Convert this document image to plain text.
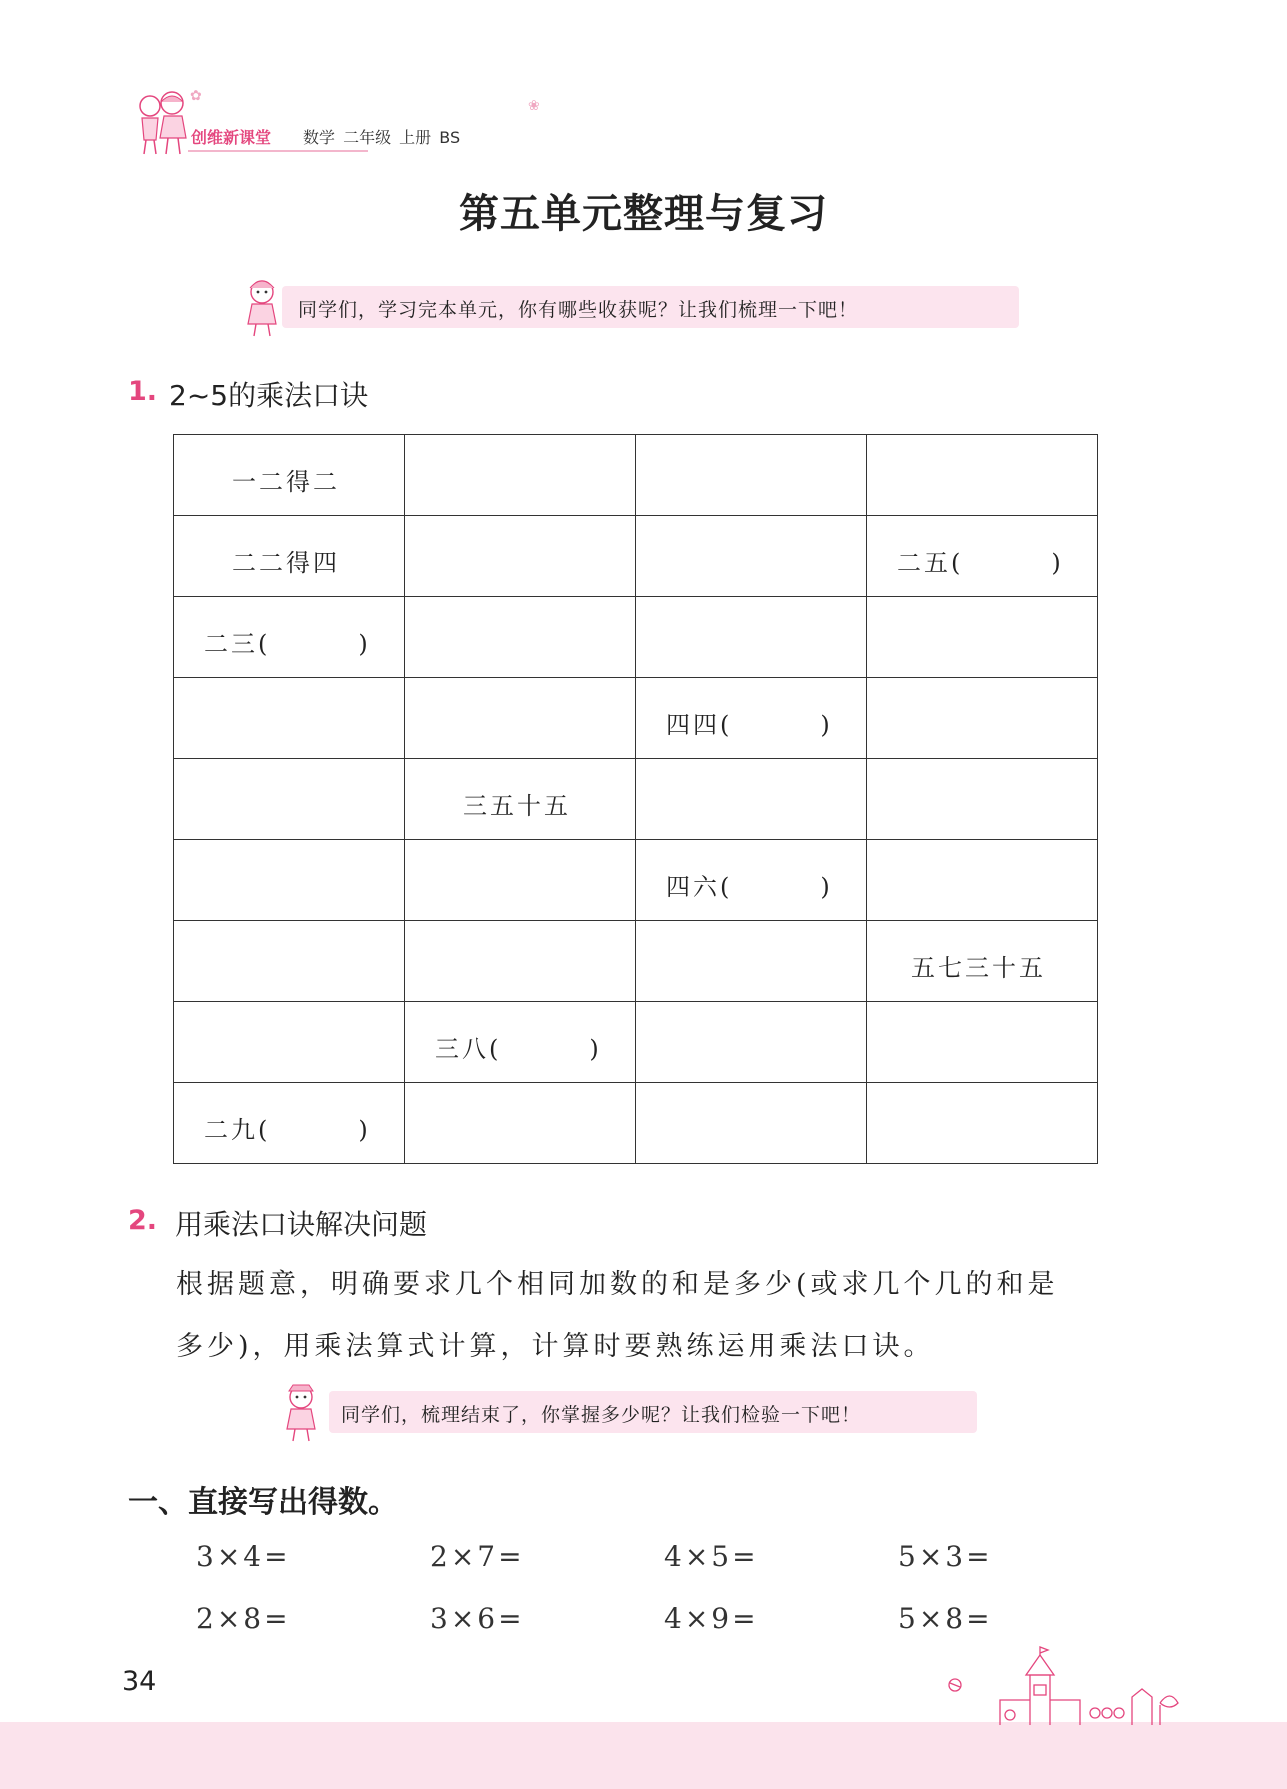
创维新课堂 数学 二年级 上册 BS
✿
❀
第五单元整理与复习
同学们，学习完本单元，你有哪些收获呢？让我们梳理一下吧！
1. 2~5的乘法口诀
一二得二			

二二得四			二五( )

二三( )			

		四四( )	

	三五十五		

		四六( )	

			五七三十五

	三八( )		

二九( )			

2. 用乘法口诀解决问题
根据题意，明确要求几个相同加数的和是多少(或求几个几的和是
多少)，用乘法算式计算，计算时要熟练运用乘法口诀。
同学们，梳理结束了，你掌握多少呢？让我们检验一下吧！
一、直接写出得数。
3×4=	2×7=	4×5=	5×3=
2×8=	3×6=	4×9=	5×8=
34
